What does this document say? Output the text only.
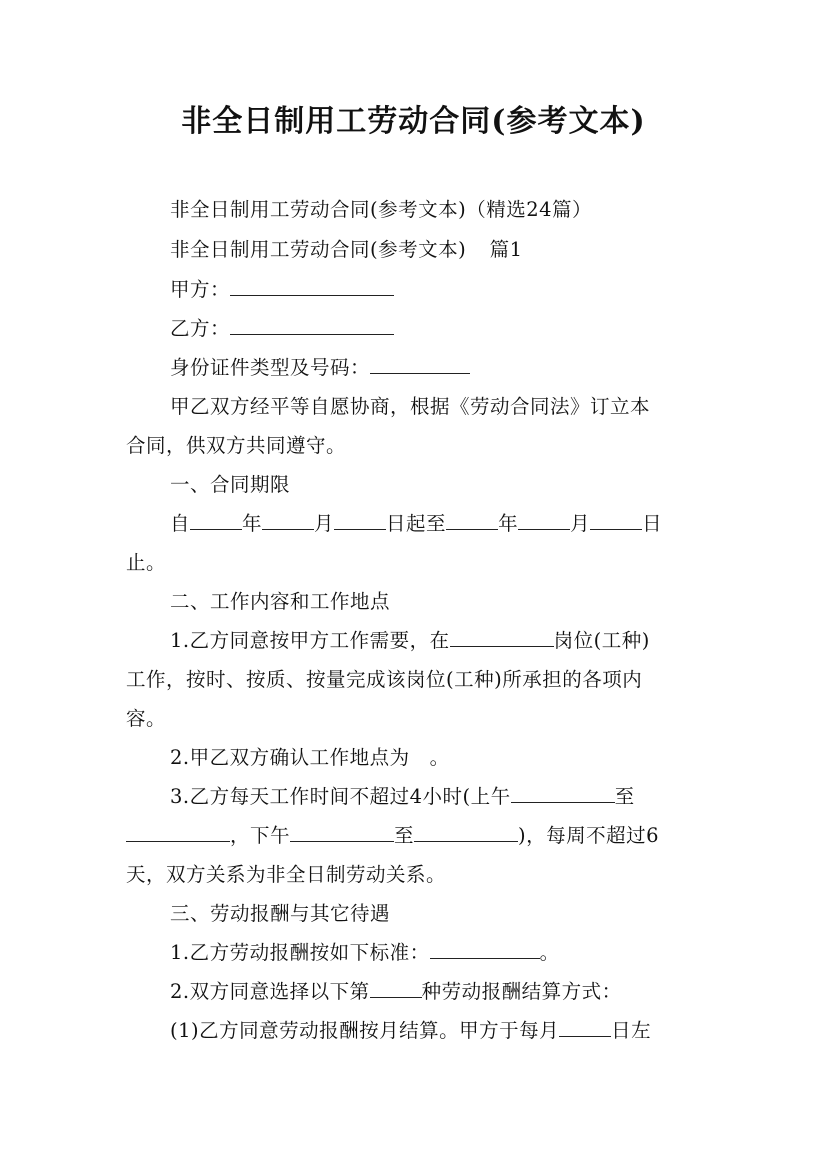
非全日制用工劳动合同(参考文本)
非全日制用工劳动合同(参考文本)（精选24篇）
非全日制用工劳动合同(参考文本) 篇1
甲方：
乙方：
身份证件类型及号码：
甲乙双方经平等自愿协商，根据《劳动合同法》订立本
合同，供双方共同遵守。
一、合同期限
自	年	月	日起至	年	月	日
止。
二、工作内容和工作地点
1.乙方同意按甲方工作需要，在	岗位(工种)
工作，按时、按质、按量完成该岗位(工种)所承担的各项内
容。
2.甲乙双方确认工作地点为　。
3.乙方每天工作时间不超过4小时(上午	至
，下午	至	)，每周不超过6
天，双方关系为非全日制劳动关系。
三、劳动报酬与其它待遇
1.乙方劳动报酬按如下标准：	。
2.双方同意选择以下第	种劳动报酬结算方式：
(1)乙方同意劳动报酬按月结算。甲方于每月	日左
